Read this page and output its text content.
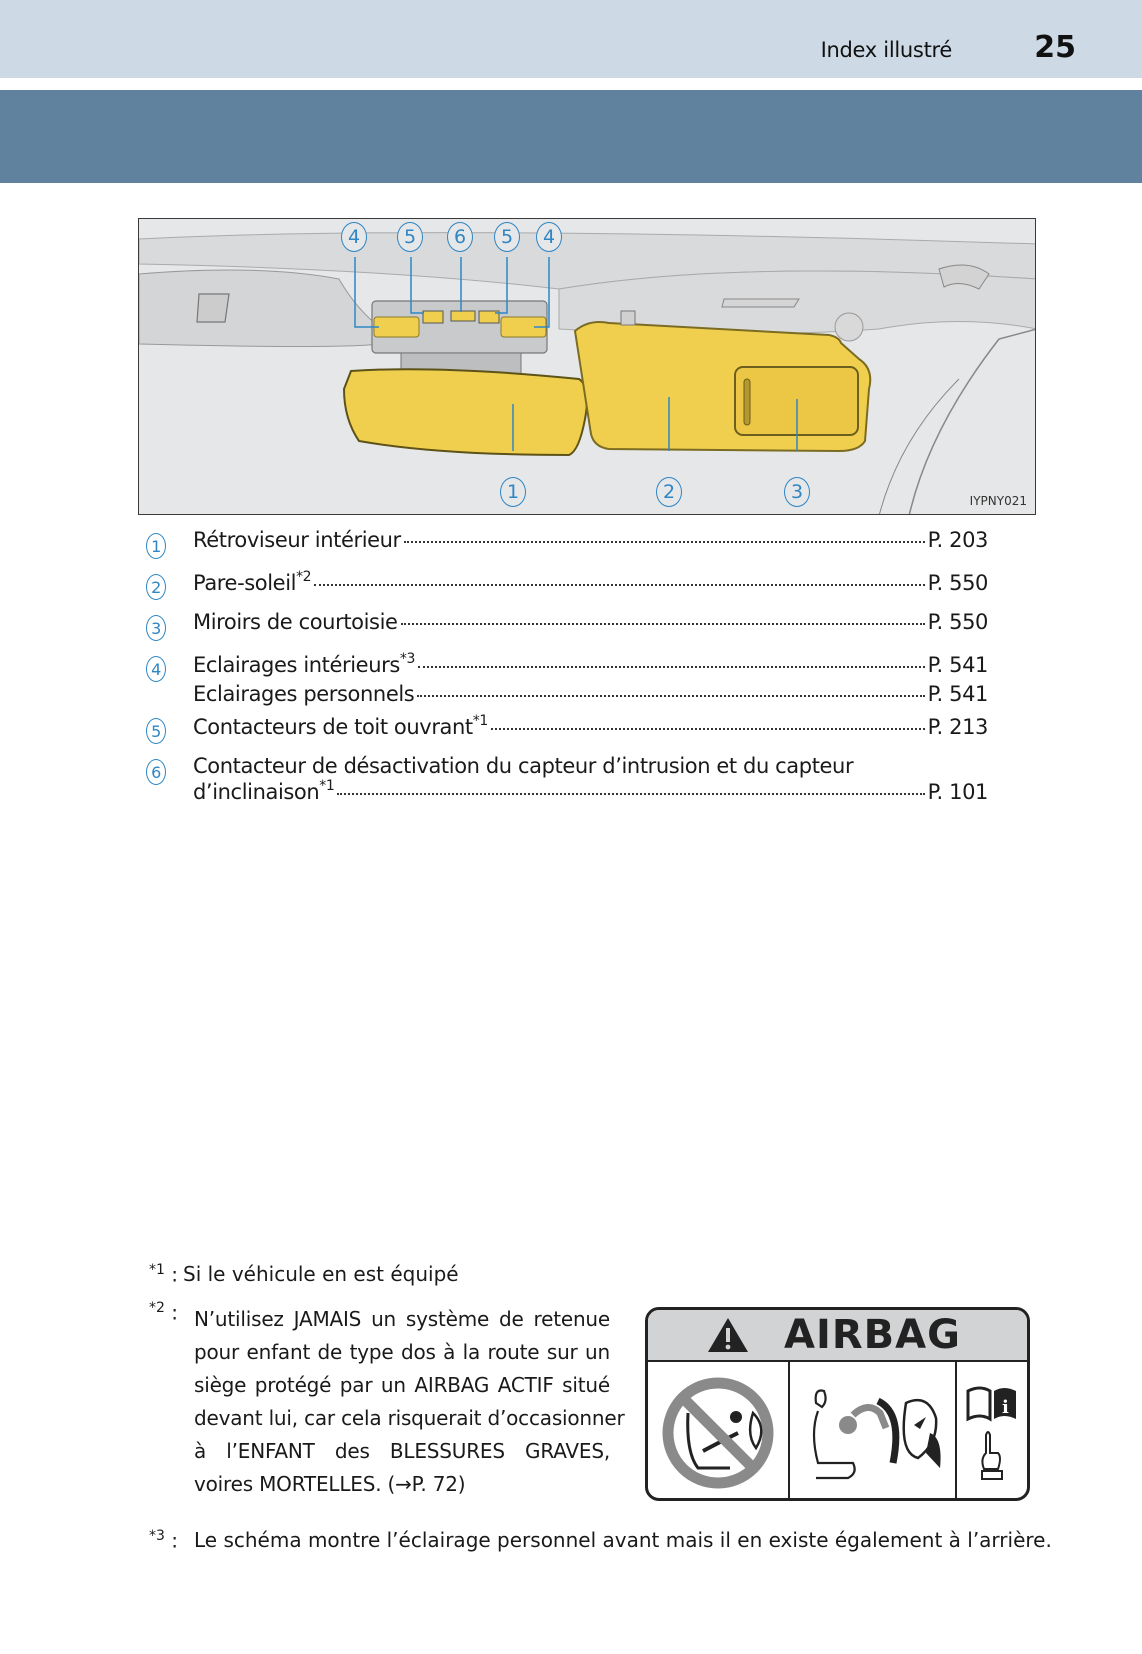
Index illustré	25
4	5	6	5	4
1	2	3	IYPNY021
1 Rétroviseur intérieur	P. 203
2 Pare-soleil$^{*2}$	P. 550
3 Miroirs de courtoisie	P. 550
4 Eclairages intérieurs$^{*3}$	P. 541
Eclairages personnels	P. 541
5 Contacteurs de toit ouvrant$^{*1}$	P. 213
6 Contacteur de désactivation du capteur d’intrusion et du capteur
d’inclinaison$^{*1}$	P. 101
$^{*1}$ : Si le véhicule en est équipé
$^{*2}$ : N’utilisez JAMAIS un système de retenue
pour enfant de type dos à la route sur un
siège protégé par un AIRBAG ACTIF situé
devant lui, car cela risquerait d’occasionner
à l’ENFANT des BLESSURES GRAVES,
voires MORTELLES. (→P. 72)
$^{*3}$ : Le schéma montre l’éclairage personnel avant mais il en existe également à l’arrière.
AIRBAG
i
